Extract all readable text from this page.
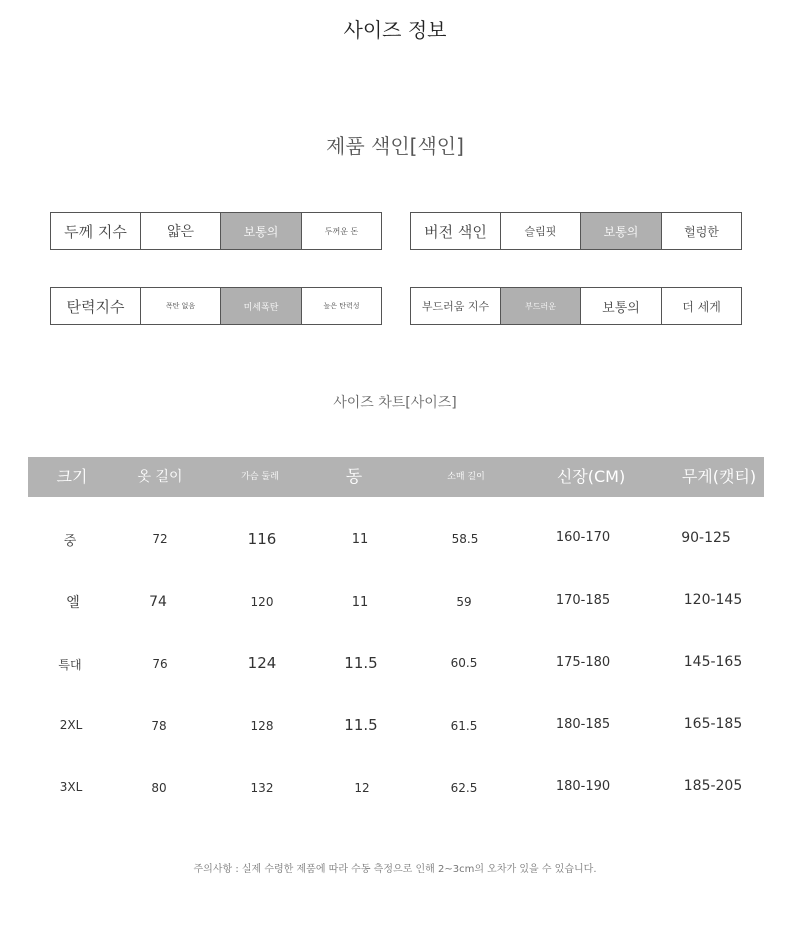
사이즈 정보
제품 색인[색인]
두께 지수	얇은	보통의	두꺼운 돈	버전 색인	슬림핏	보통의	헐렁한
탄력지수	폭탄 없음	미세폭탄	높은 탄력성	부드러움 지수	부드러운	보통의	더 세게
사이즈 차트[사이즈]
크기	옷 길이	가슴 둘레	동	소매 길이	신장(CM)	무게(캣티)
중	72	116	11	58.5	160-170	90-125
엘	74	120	11	59	170-185	120-145
특대	76	124	11.5	60.5	175-180	145-165
2XL	78	128	11.5	61.5	180-185	165-185
3XL	80	132	12	62.5	180-190	185-205
주의사항 : 실제 수령한 제품에 따라 수동 측정으로 인해 2~3cm의 오차가 있을 수 있습니다.
